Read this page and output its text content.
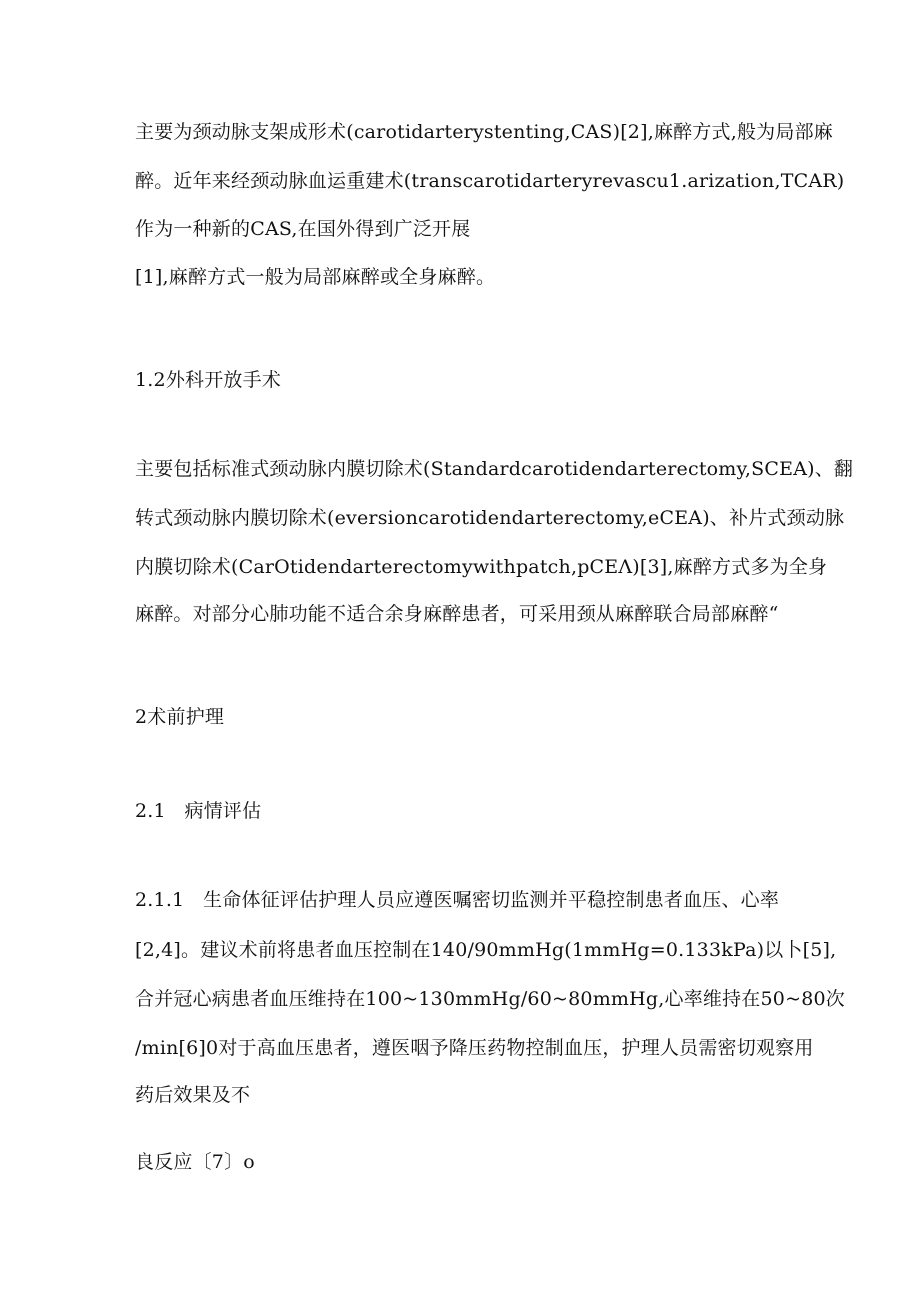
主要为颈动脉支架成形术(carotidarterystenting,CAS)[2],麻醉方式,般为局部麻
醉。近年来经颈动脉血运重建术(transcarotidarteryrevascu1.arization,TCAR)
作为一种新的CAS,在国外得到广泛开展
[1],麻醉方式一般为局部麻醉或全身麻醉。
1.2外科开放手术
主要包括标准式颈动脉内膜切除术(Standardcarotidendarterectomy,SCEA)、翻
转式颈动脉内膜切除术(eversioncarotidendarterectomy,eCEA)、补片式颈动脉
内膜切除术(CarOtidendarterectomywithpatch,pCEΛ)[3],麻醉方式多为全身
麻醉。对部分心肺功能不适合余身麻醉患者，可采用颈从麻醉联合局部麻醉“
2术前护理
2.1   病情评估
2.1.1   生命体征评估护理人员应遵医嘱密切监测并平稳控制患者血压、心率
[2,4]。建议术前将患者血压控制在140/90mmHg(1mmHg=0.133kPa)以卜[5],
合并冠心病患者血压维持在100~130mmHg∕60~80mmHg,心率维持在50~80次
∕min[6]0对于高血压患者，遵医咽予降压药物控制血压，护理人员需密切观察用
药后效果及不
良反应〔7〕o
